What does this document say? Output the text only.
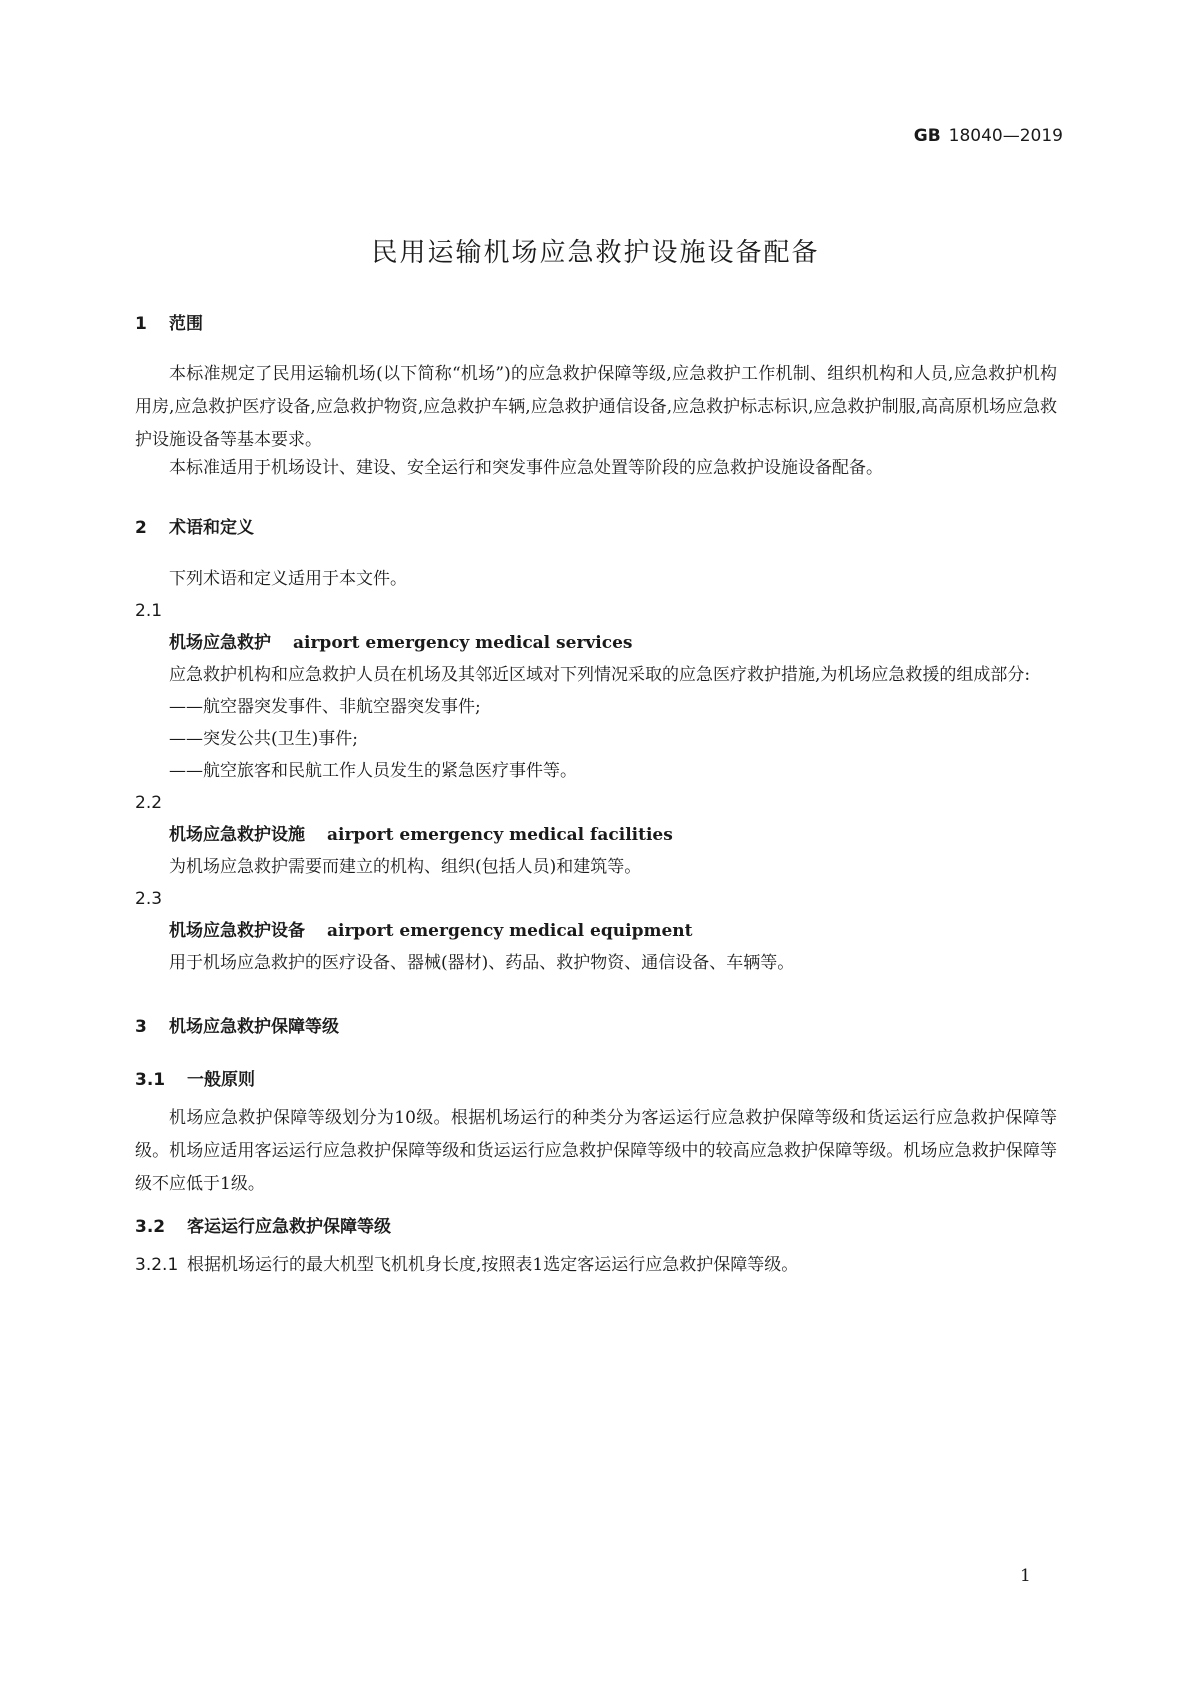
GB 18040—2019
民用运输机场应急救护设施设备配备
1 范围
本标准规定了民用运输机场(以下简称“机场”)的应急救护保障等级,应急救护工作机制、组织机构和人员,应急救护机构用房,应急救护医疗设备,应急救护物资,应急救护车辆,应急救护通信设备,应急救护标志标识,应急救护制服,高高原机场应急救护设施设备等基本要求。
本标准适用于机场设计、建设、安全运行和突发事件应急处置等阶段的应急救护设施设备配备。
2 术语和定义
下列术语和定义适用于本文件。
2.1
机场应急救护 airport emergency medical services
应急救护机构和应急救护人员在机场及其邻近区域对下列情况采取的应急医疗救护措施,为机场应急救援的组成部分:
——航空器突发事件、非航空器突发事件;
——突发公共(卫生)事件;
——航空旅客和民航工作人员发生的紧急医疗事件等。
2.2
机场应急救护设施 airport emergency medical facilities
为机场应急救护需要而建立的机构、组织(包括人员)和建筑等。
2.3
机场应急救护设备 airport emergency medical equipment
用于机场应急救护的医疗设备、器械(器材)、药品、救护物资、通信设备、车辆等。
3 机场应急救护保障等级
3.1 一般原则
机场应急救护保障等级划分为10级。根据机场运行的种类分为客运运行应急救护保障等级和货运运行应急救护保障等级。机场应适用客运运行应急救护保障等级和货运运行应急救护保障等级中的较高应急救护保障等级。机场应急救护保障等级不应低于1级。
3.2 客运运行应急救护保障等级
3.2.1 根据机场运行的最大机型飞机机身长度,按照表1选定客运运行应急救护保障等级。
1
